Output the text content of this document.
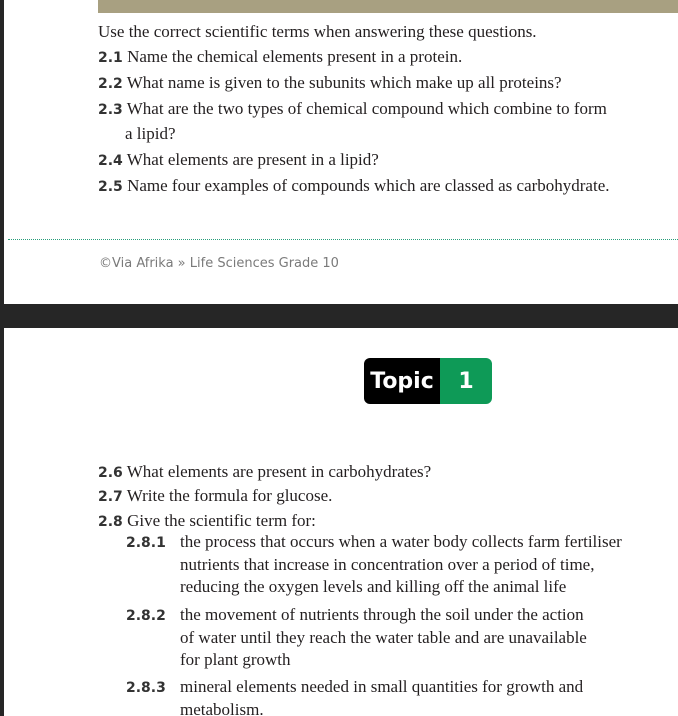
Use the correct scientific terms when answering these questions.
2.1 Name the chemical elements present in a protein.
2.2 What name is given to the subunits which make up all proteins?
2.3 What are the two types of chemical compound which combine to form
a lipid?
2.4 What elements are present in a lipid?
2.5 Name four examples of compounds which are classed as carbohydrate.
©Via Afrika » Life Sciences Grade 10
Topic	1
2.6 What elements are present in carbohydrates?
2.7 Write the formula for glucose.
2.8 Give the scientific term for:
2.8.1 the process that occurs when a water body collects farm fertiliser
nutrients that increase in concentration over a period of time,
reducing the oxygen levels and killing off the animal life
2.8.2 the movement of nutrients through the soil under the action
of water until they reach the water table and are unavailable
for plant growth
2.8.3 mineral elements needed in small quantities for growth and
metabolism.
